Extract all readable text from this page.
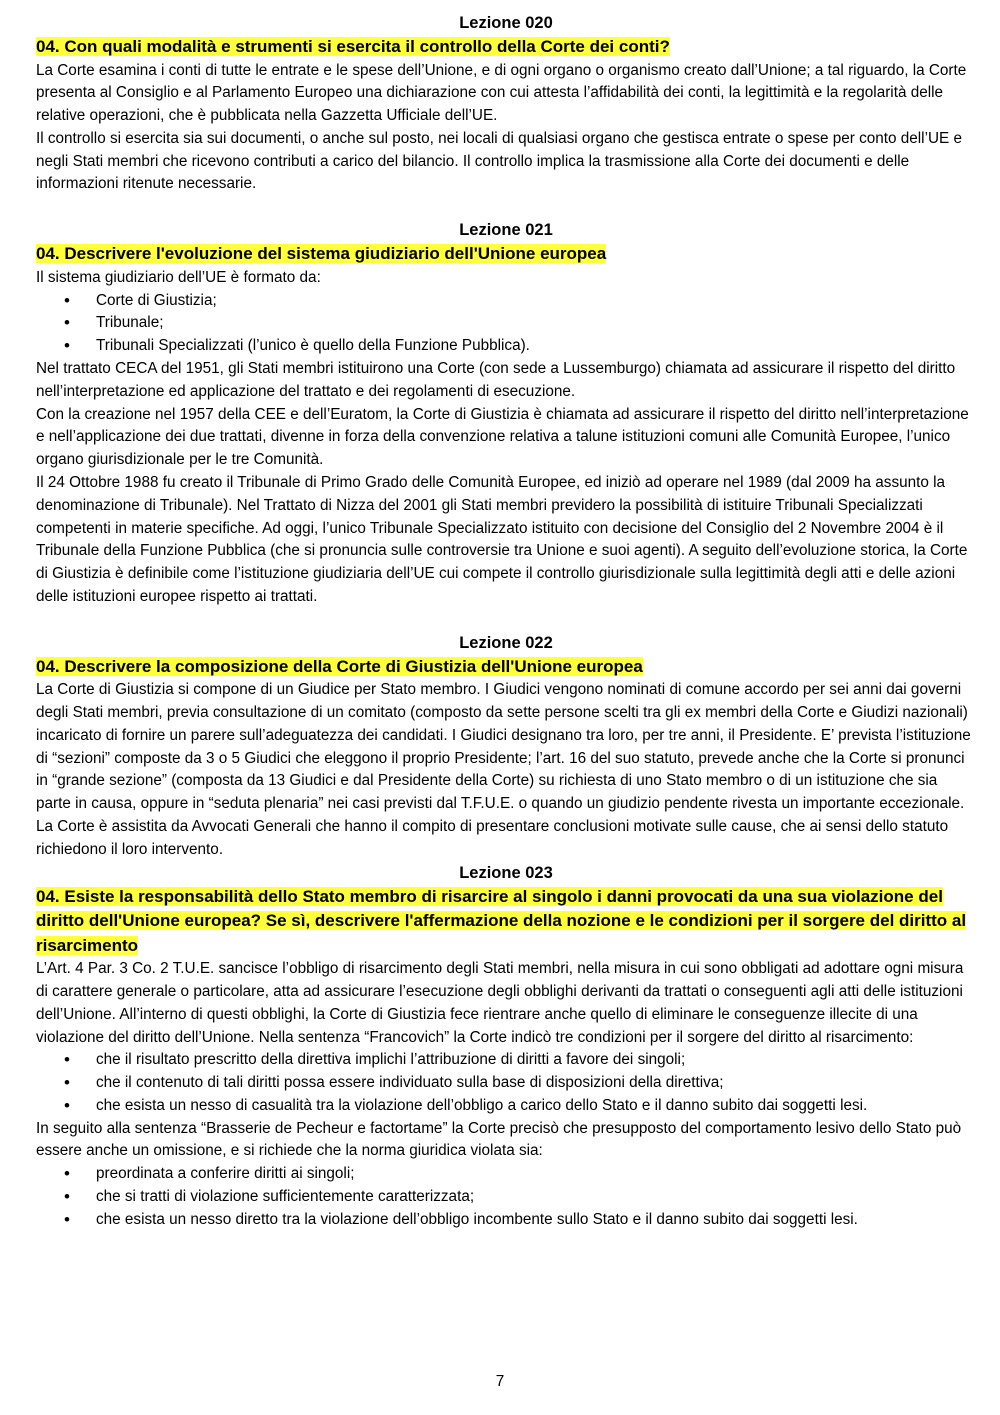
Lezione 020
04. Con quali modalità e strumenti si esercita il controllo della Corte dei conti?

La Corte esamina i conti di tutte le entrate e le spese dell’Unione, e di ogni organo o organismo creato dall’Unione; a tal riguardo, la Corte presenta al Consiglio e al Parlamento Europeo una dichiarazione con cui attesta l’affidabilità dei conti, la legittimità e la regolarità delle relative operazioni, che è pubblicata nella Gazzetta Ufficiale dell’UE.

Il controllo si esercita sia sui documenti, o anche sul posto, nei locali di qualsiasi organo che gestisca entrate o spese per conto dell’UE e negli Stati membri che ricevono contributi a carico del bilancio. Il controllo implica la trasmissione alla Corte dei documenti e delle informazioni ritenute necessarie.

Lezione 021
04. Descrivere l'evoluzione del sistema giudiziario dell'Unione europea

Il sistema giudiziario dell’UE è formato da:

• Corte di Giustizia;
• Tribunale;
• Tribunali Specializzati (l’unico è quello della Funzione Pubblica).

Nel trattato CECA del 1951, gli Stati membri istituirono una Corte (con sede a Lussemburgo) chiamata ad assicurare il rispetto del diritto nell’interpretazione ed applicazione del trattato e dei regolamenti di esecuzione.

Con la creazione nel 1957 della CEE e dell’Euratom, la Corte di Giustizia è chiamata ad assicurare il rispetto del diritto nell’interpretazione e nell’applicazione dei due trattati, divenne in forza della convenzione relativa a talune istituzioni comuni alle Comunità Europee, l’unico organo giurisdizionale per le tre Comunità.

Il 24 Ottobre 1988 fu creato il Tribunale di Primo Grado delle Comunità Europee, ed iniziò ad operare nel 1989 (dal 2009 ha assunto la denominazione di Tribunale). Nel Trattato di Nizza del 2001 gli Stati membri previdero la possibilità di istituire Tribunali Specializzati competenti in materie specifiche. Ad oggi, l’unico Tribunale Specializzato istituito con decisione del Consiglio del 2 Novembre 2004 è il Tribunale della Funzione Pubblica (che si pronuncia sulle controversie tra Unione e suoi agenti). A seguito dell’evoluzione storica, la Corte di Giustizia è definibile come l’istituzione giudiziaria dell’UE cui compete il controllo giurisdizionale sulla legittimità degli atti e delle azioni delle istituzioni europee rispetto ai trattati.

Lezione 022
04. Descrivere la composizione della Corte di Giustizia dell'Unione europea

La Corte di Giustizia si compone di un Giudice per Stato membro. I Giudici vengono nominati di comune accordo per sei anni dai governi degli Stati membri, previa consultazione di un comitato (composto da sette persone scelti tra gli ex membri della Corte e Giudizi nazionali) incaricato di fornire un parere sull’adeguatezza dei candidati. I Giudici designano tra loro, per tre anni, il Presidente. E’ prevista l’istituzione di “sezioni” composte da 3 o 5 Giudici che eleggono il proprio Presidente; l’art. 16 del suo statuto, prevede anche che la Corte si pronunci in “grande sezione” (composta da 13 Giudici e dal Presidente della Corte) su richiesta di uno Stato membro o di un istituzione che sia parte in causa, oppure in “seduta plenaria” nei casi previsti dal T.F.U.E. o quando un giudizio pendente rivesta un importante eccezionale.

La Corte è assistita da Avvocati Generali che hanno il compito di presentare conclusioni motivate sulle cause, che ai sensi dello statuto richiedono il loro intervento.

Lezione 023
04. Esiste la responsabilità dello Stato membro di risarcire al singolo i danni provocati da una sua violazione del diritto dell'Unione europea? Se sì, descrivere l'affermazione della nozione e le condizioni per il sorgere del diritto al risarcimento

L’Art. 4 Par. 3 Co. 2 T.U.E. sancisce l’obbligo di risarcimento degli Stati membri, nella misura in cui sono obbligati ad adottare ogni misura di carattere generale o particolare, atta ad assicurare l’esecuzione degli obblighi derivanti da trattati o conseguenti agli atti delle istituzioni dell’Unione. All’interno di questi obblighi, la Corte di Giustizia fece rientrare anche quello di eliminare le conseguenze illecite di una violazione del diritto dell’Unione. Nella sentenza “Francovich” la Corte indicò tre condizioni per il sorgere del diritto al risarcimento:

• che il risultato prescritto della direttiva implichi l’attribuzione di diritti a favore dei singoli;
• che il contenuto di tali diritti possa essere individuato sulla base di disposizioni della direttiva;
• che esista un nesso di casualità tra la violazione dell’obbligo a carico dello Stato e il danno subito dai soggetti lesi.

In seguito alla sentenza “Brasserie de Pecheur e factortame” la Corte precisò che presupposto del comportamento lesivo dello Stato può essere anche un omissione, e si richiede che la norma giuridica violata sia:

• preordinata a conferire diritti ai singoli;
• che si tratti di violazione sufficientemente caratterizzata;
• che esista un nesso diretto tra la violazione dell’obbligo incombente sullo Stato e il danno subito dai soggetti lesi.
7
